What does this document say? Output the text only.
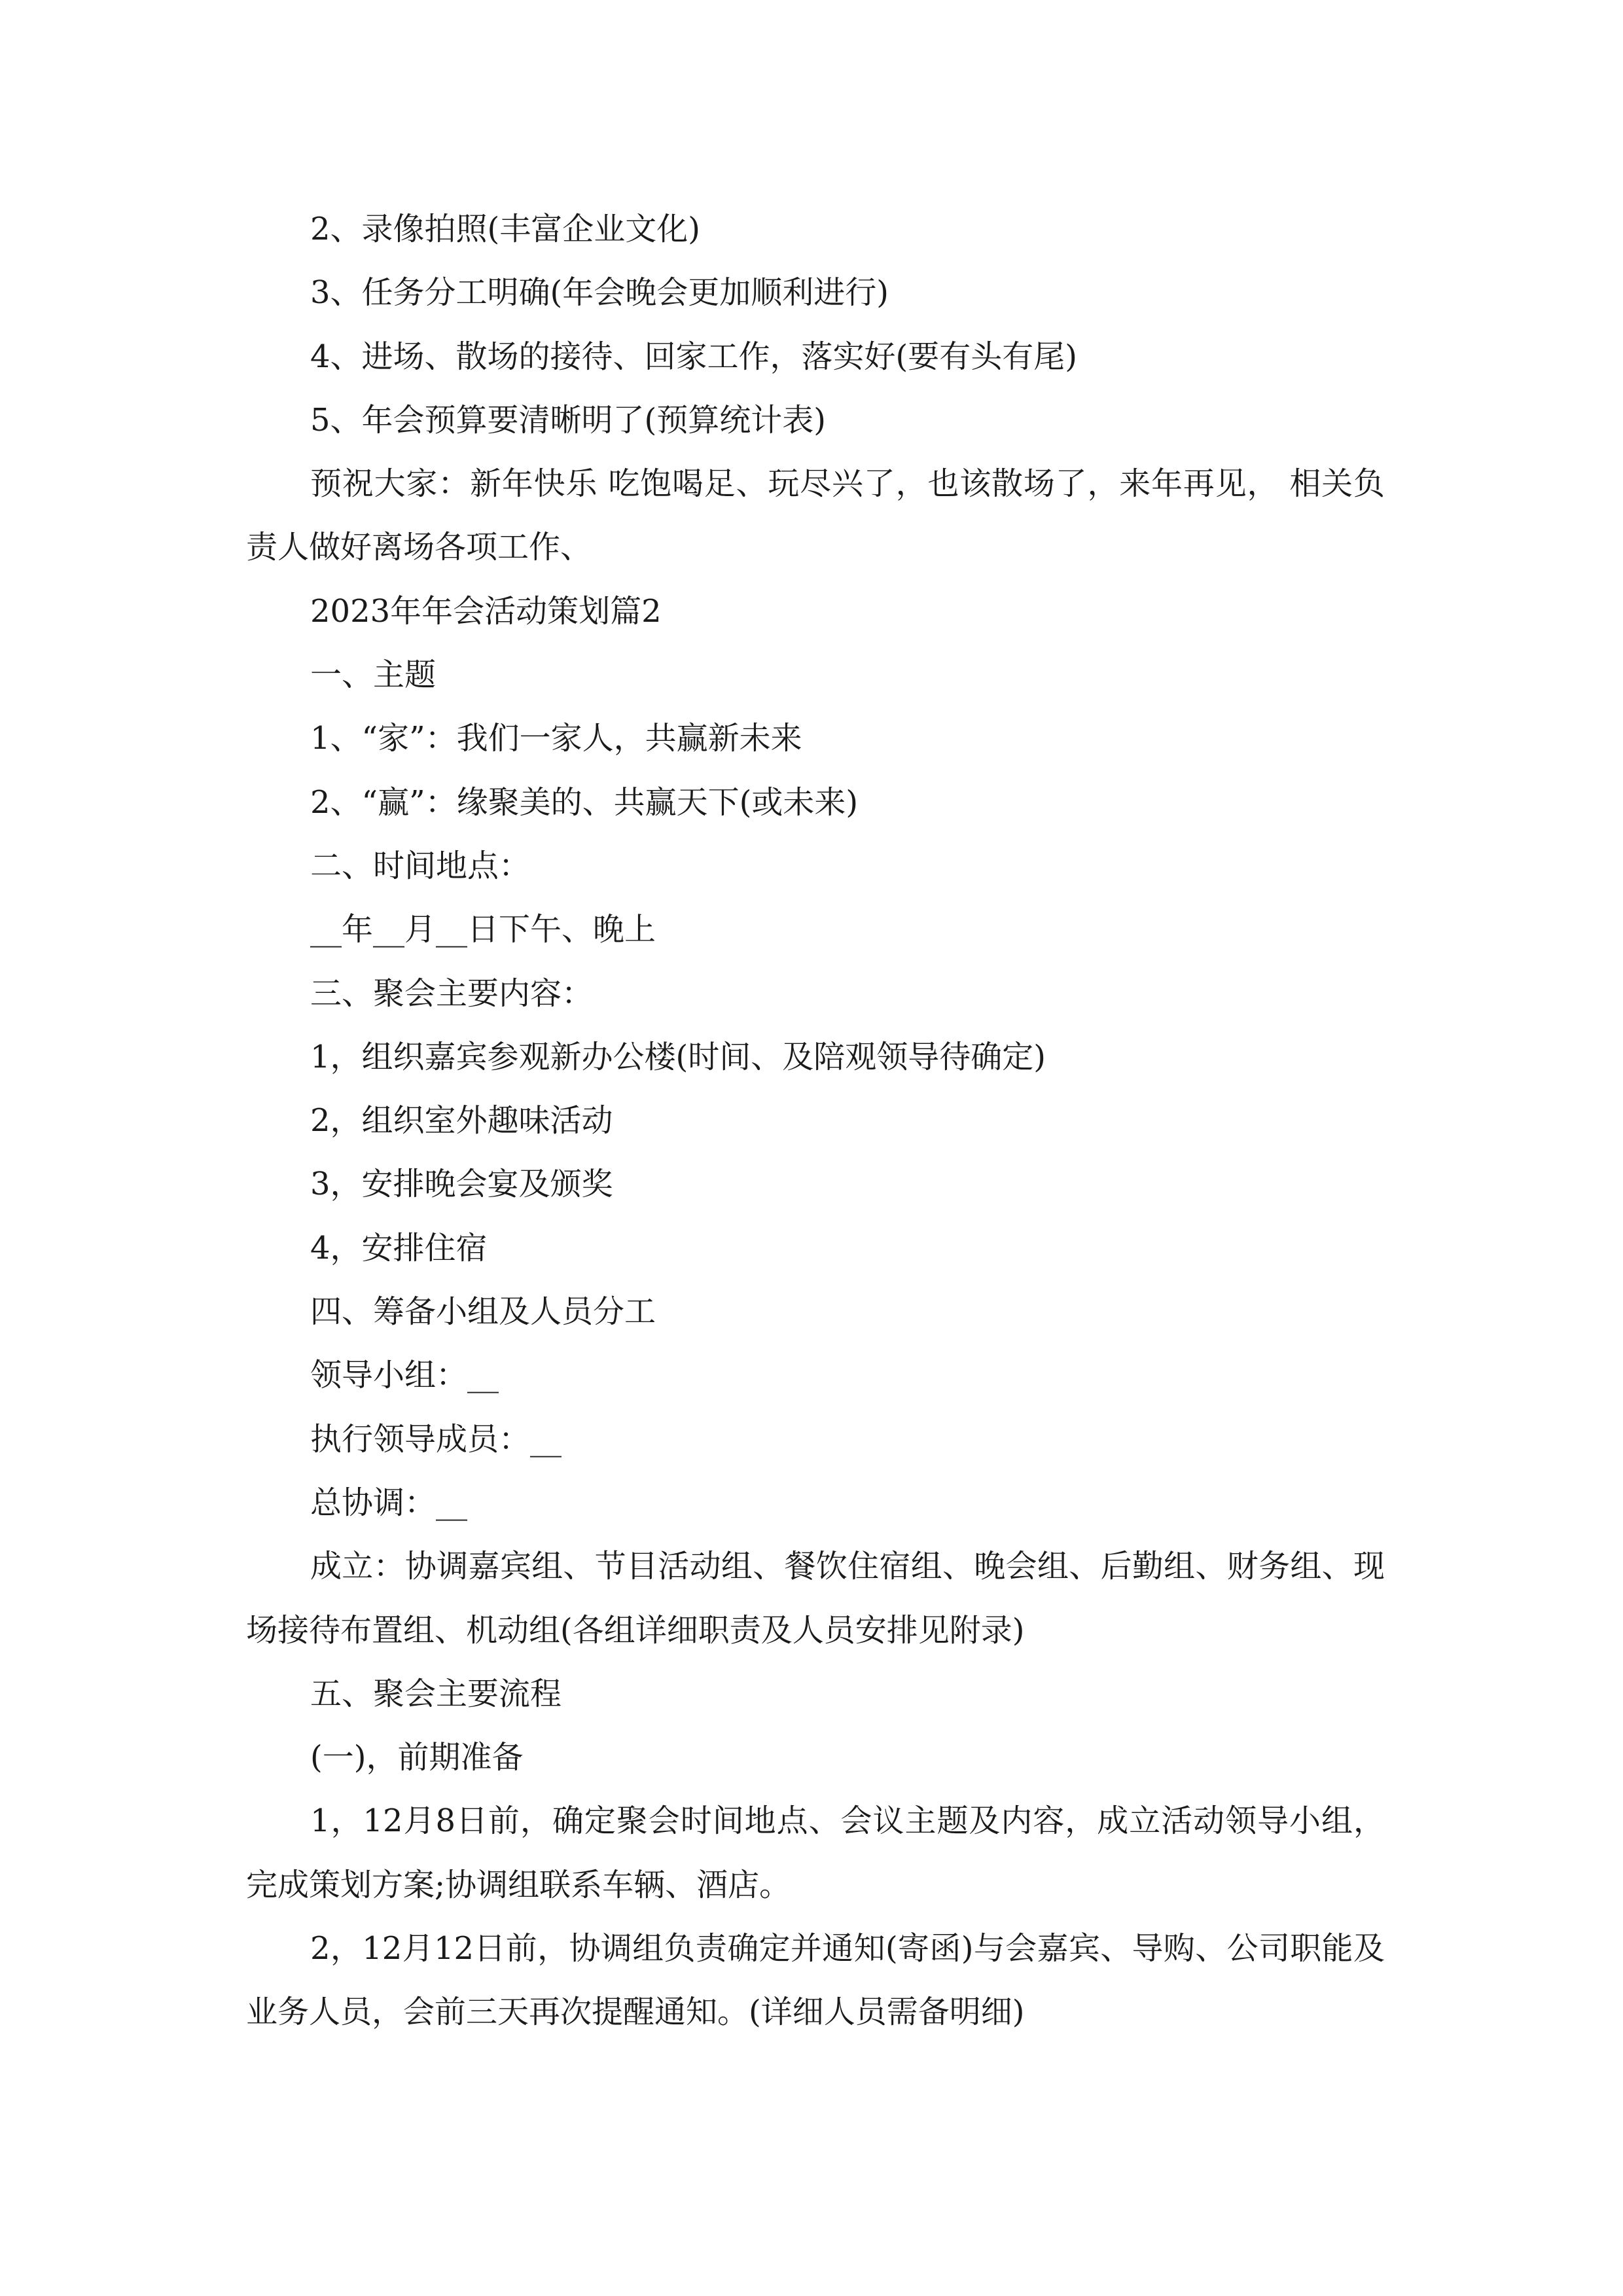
2、录像拍照(丰富企业文化)

3、任务分工明确(年会晚会更加顺利进行)

4、进场、散场的接待、回家工作，落实好(要有头有尾)

5、年会预算要清晰明了(预算统计表)

预祝大家：新年快乐 吃饱喝足、玩尽兴了，也该散场了，来年再见， 相关负责人做好离场各项工作、

2023年年会活动策划篇2

一、主题

1、“家”：我们一家人，共赢新未来

2、“赢”：缘聚美的、共赢天下(或未来)

二、时间地点：

__年__月__日下午、晚上

三、聚会主要内容：

1，组织嘉宾参观新办公楼(时间、及陪观领导待确定)

2，组织室外趣味活动

3，安排晚会宴及颁奖

4，安排住宿

四、筹备小组及人员分工

领导小组：__

执行领导成员：__

总协调：__

成立：协调嘉宾组、节目活动组、餐饮住宿组、晚会组、后勤组、财务组、现场接待布置组、机动组(各组详细职责及人员安排见附录)

五、聚会主要流程

(一)，前期准备

1，12月8日前，确定聚会时间地点、会议主题及内容，成立活动领导小组，完成策划方案;协调组联系车辆、酒店。

2，12月12日前，协调组负责确定并通知(寄函)与会嘉宾、导购、公司职能及业务人员，会前三天再次提醒通知。(详细人员需备明细)
